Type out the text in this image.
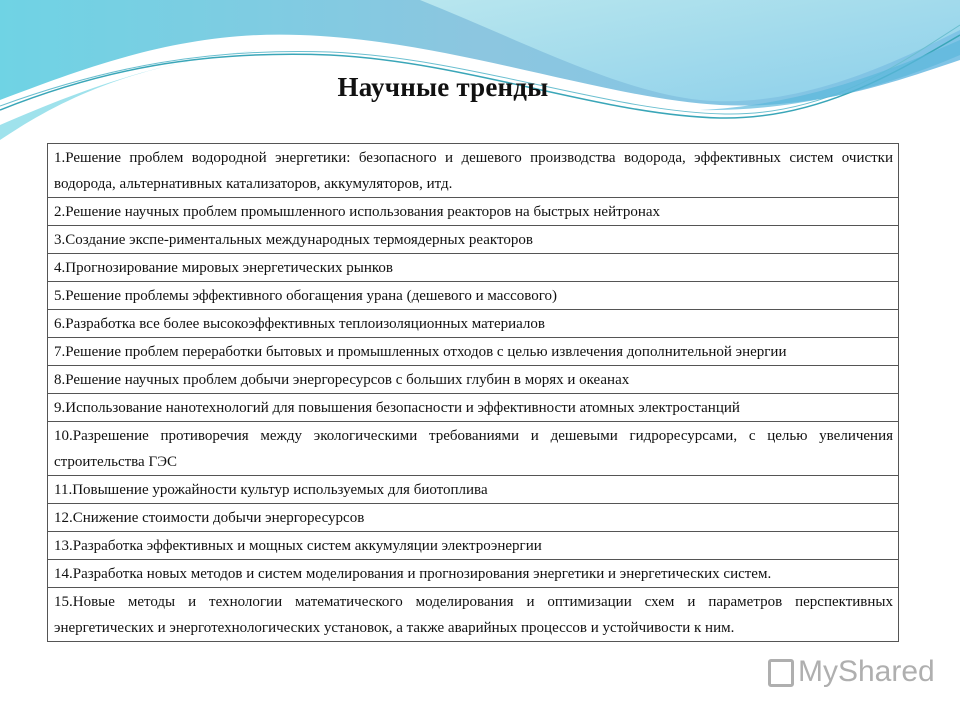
Научные тренды
1.Решение проблем водородной энергетики: безопасного и дешевого производства водорода, эффективных систем очистки водорода, альтернативных катализаторов, аккумуляторов, итд.
2.Решение научных проблем промышленного использования реакторов на быстрых нейтронах
3.Создание экспе-риментальных международных термоядерных реакторов
4.Прогнозирование мировых энергетических рынков
5.Решение проблемы эффективного обогащения урана (дешевого и массового)
6.Разработка все более высокоэффективных теплоизоляционных материалов
7.Решение проблем переработки бытовых и промышленных отходов с целью извлечения дополнительной энергии
8.Решение научных проблем добычи энергоресурсов с больших глубин в морях и океанах
9.Использование нанотехнологий для повышения безопасности и эффективности атомных электростанций
10.Разрешение противоречия между экологическими требованиями и дешевыми гидроресурсами, с целью увеличения строительства ГЭС
11.Повышение урожайности культур используемых для биотоплива
12.Снижение стоимости добычи энергоресурсов
13.Разработка эффективных и мощных систем аккумуляции электроэнергии
14.Разработка новых методов и систем моделирования и прогнозирования энергетики и энергетических систем.
15.Новые методы и технологии математического моделирования и оптимизации схем и параметров перспективных энергетических и энерготехнологических установок, а также аварийных процессов и устойчивости к ним.
MyShared
